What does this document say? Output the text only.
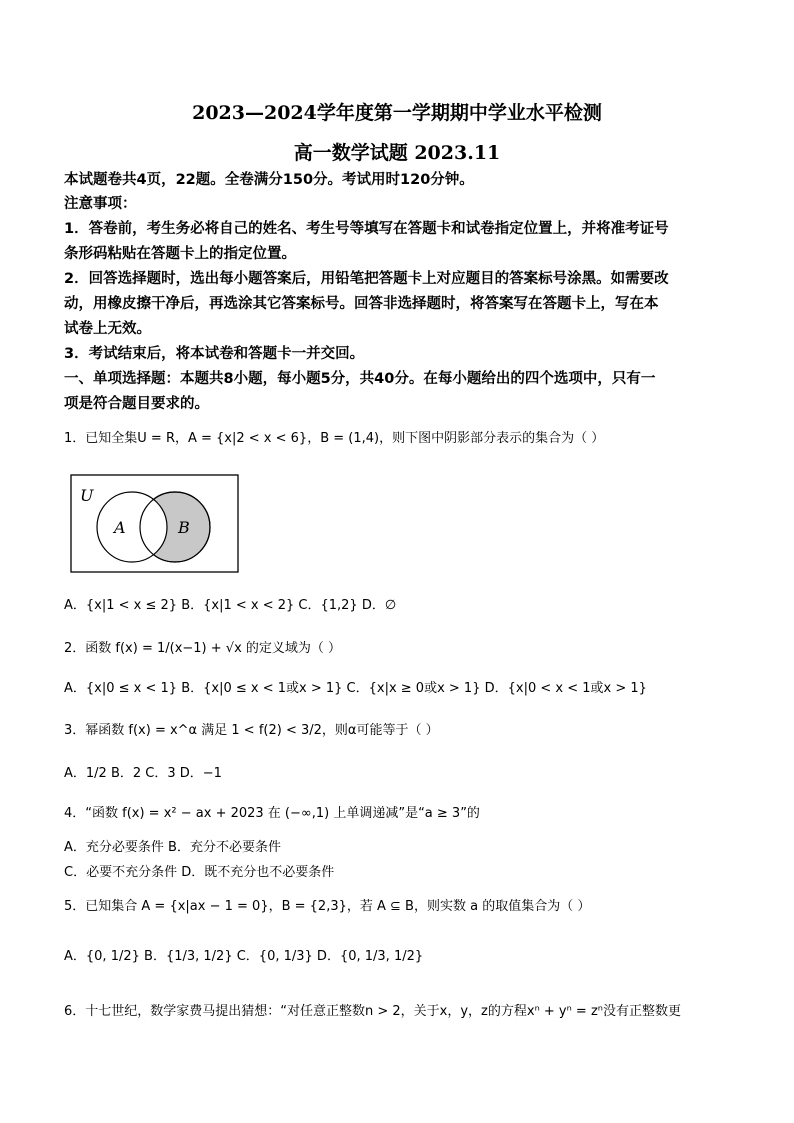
2023—2024学年度第一学期期中学业水平检测
高一数学试题 2023.11
本试题卷共4页，22题。全卷满分150分。考试用时120分钟。
注意事项：
1．答卷前，考生务必将自己的姓名、考生号等填写在答题卡和试卷指定位置上，并将准考证号
条形码粘贴在答题卡上的指定位置。
2．回答选择题时，选出每小题答案后，用铅笔把答题卡上对应题目的答案标号涂黑。如需要改
动，用橡皮擦干净后，再选涂其它答案标号。回答非选择题时，将答案写在答题卡上，写在本
试卷上无效。
3．考试结束后，将本试卷和答题卡一并交回。
一、单项选择题：本题共8小题，每小题5分，共40分。在每小题给出的四个选项中，只有一
项是符合题目要求的。
1．已知全集U = R，A = {x|2 < x < 6}，B = (1,4)，则下图中阴影部分表示的集合为（ ）
U
A	B
A．{x|1 < x ≤ 2} B．{x|1 < x < 2} C．{1,2} D．∅
2．函数 f(x) = 1/(x−1) + √x 的定义域为（ ）
A．{x|0 ≤ x < 1} B．{x|0 ≤ x < 1或x > 1} C．{x|x ≥ 0或x > 1} D．{x|0 < x < 1或x > 1}
3．幂函数 f(x) = x^α 满足 1 < f(2) < 3/2，则α可能等于（ ）
A．1/2 B．2 C．3 D．−1
4．“函数 f(x) = x² − ax + 2023 在 (−∞,1) 上单调递减”是“a ≥ 3”的
A．充分必要条件 B．充分不必要条件
C．必要不充分条件 D．既不充分也不必要条件
5．已知集合 A = {x|ax − 1 = 0}，B = {2,3}，若 A ⊆ B，则实数 a 的取值集合为（ ）
A．{0, 1/2} B．{1/3, 1/2} C．{0, 1/3} D．{0, 1/3, 1/2}
6．十七世纪，数学家费马提出猜想：“对任意正整数n > 2，关于x，y，z的方程xⁿ + yⁿ = zⁿ没有正整数更
